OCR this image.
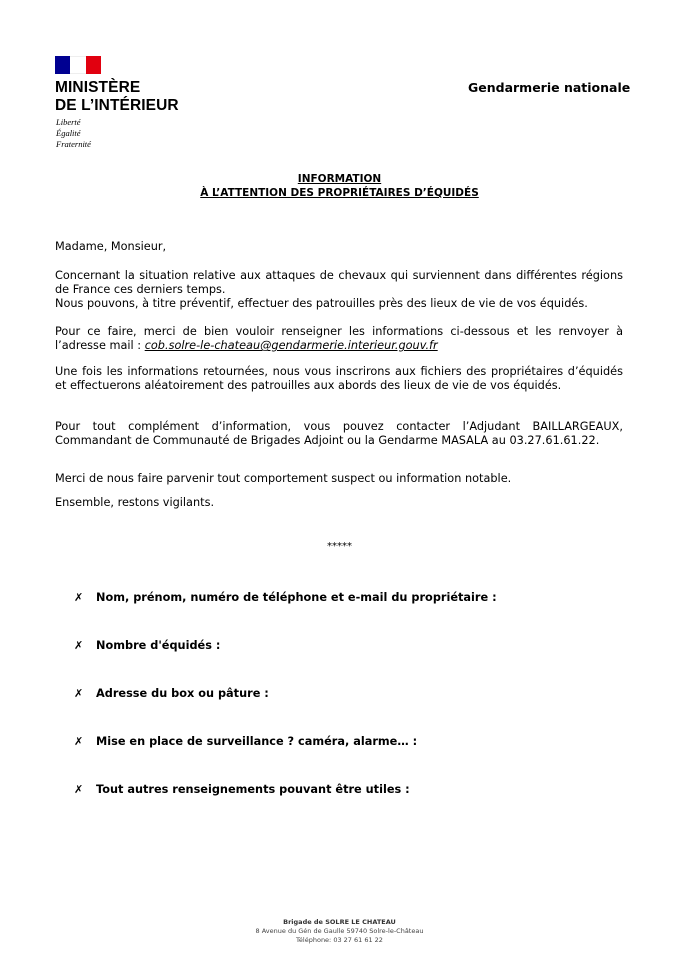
MINISTÈRE
DE L’INTÉRIEUR
Liberté
Égalité
Fraternité
Gendarmerie nationale
INFORMATION
À L’ATTENTION DES PROPRIÉTAIRES D’ÉQUIDÉS
Madame, Monsieur,
Concernant la situation relative aux attaques de chevaux qui surviennent dans différentes régions de France ces derniers temps.
Nous pouvons, à titre préventif, effectuer des patrouilles près des lieux de vie de vos équidés.
Pour ce faire, merci de bien vouloir renseigner les informations ci-dessous et les renvoyer à l’adresse mail : cob.solre-le-chateau@gendarmerie.interieur.gouv.fr
Une fois les informations retournées, nous vous inscrirons aux fichiers des propriétaires d’équidés et effectuerons aléatoirement des patrouilles aux abords des lieux de vie de vos équidés.
Pour tout complément d’information, vous pouvez contacter l’Adjudant BAILLARGEAUX, Commandant de Communauté de Brigades Adjoint ou la Gendarme MASALA au 03.27.61.61.22.
Merci de nous faire parvenir tout comportement suspect ou information notable.
Ensemble, restons vigilants.
*****
✗	Nom, prénom, numéro de téléphone et e-mail du propriétaire :
✗	Nombre d'équidés :
✗	Adresse du box ou pâture :
✗	Mise en place de surveillance ? caméra, alarme… :
✗	Tout autres renseignements pouvant être utiles :
Brigade de SOLRE LE CHATEAU
8 Avenue du Gén de Gaulle 59740 Solre-le-Château
Téléphone: 03 27 61 61 22
